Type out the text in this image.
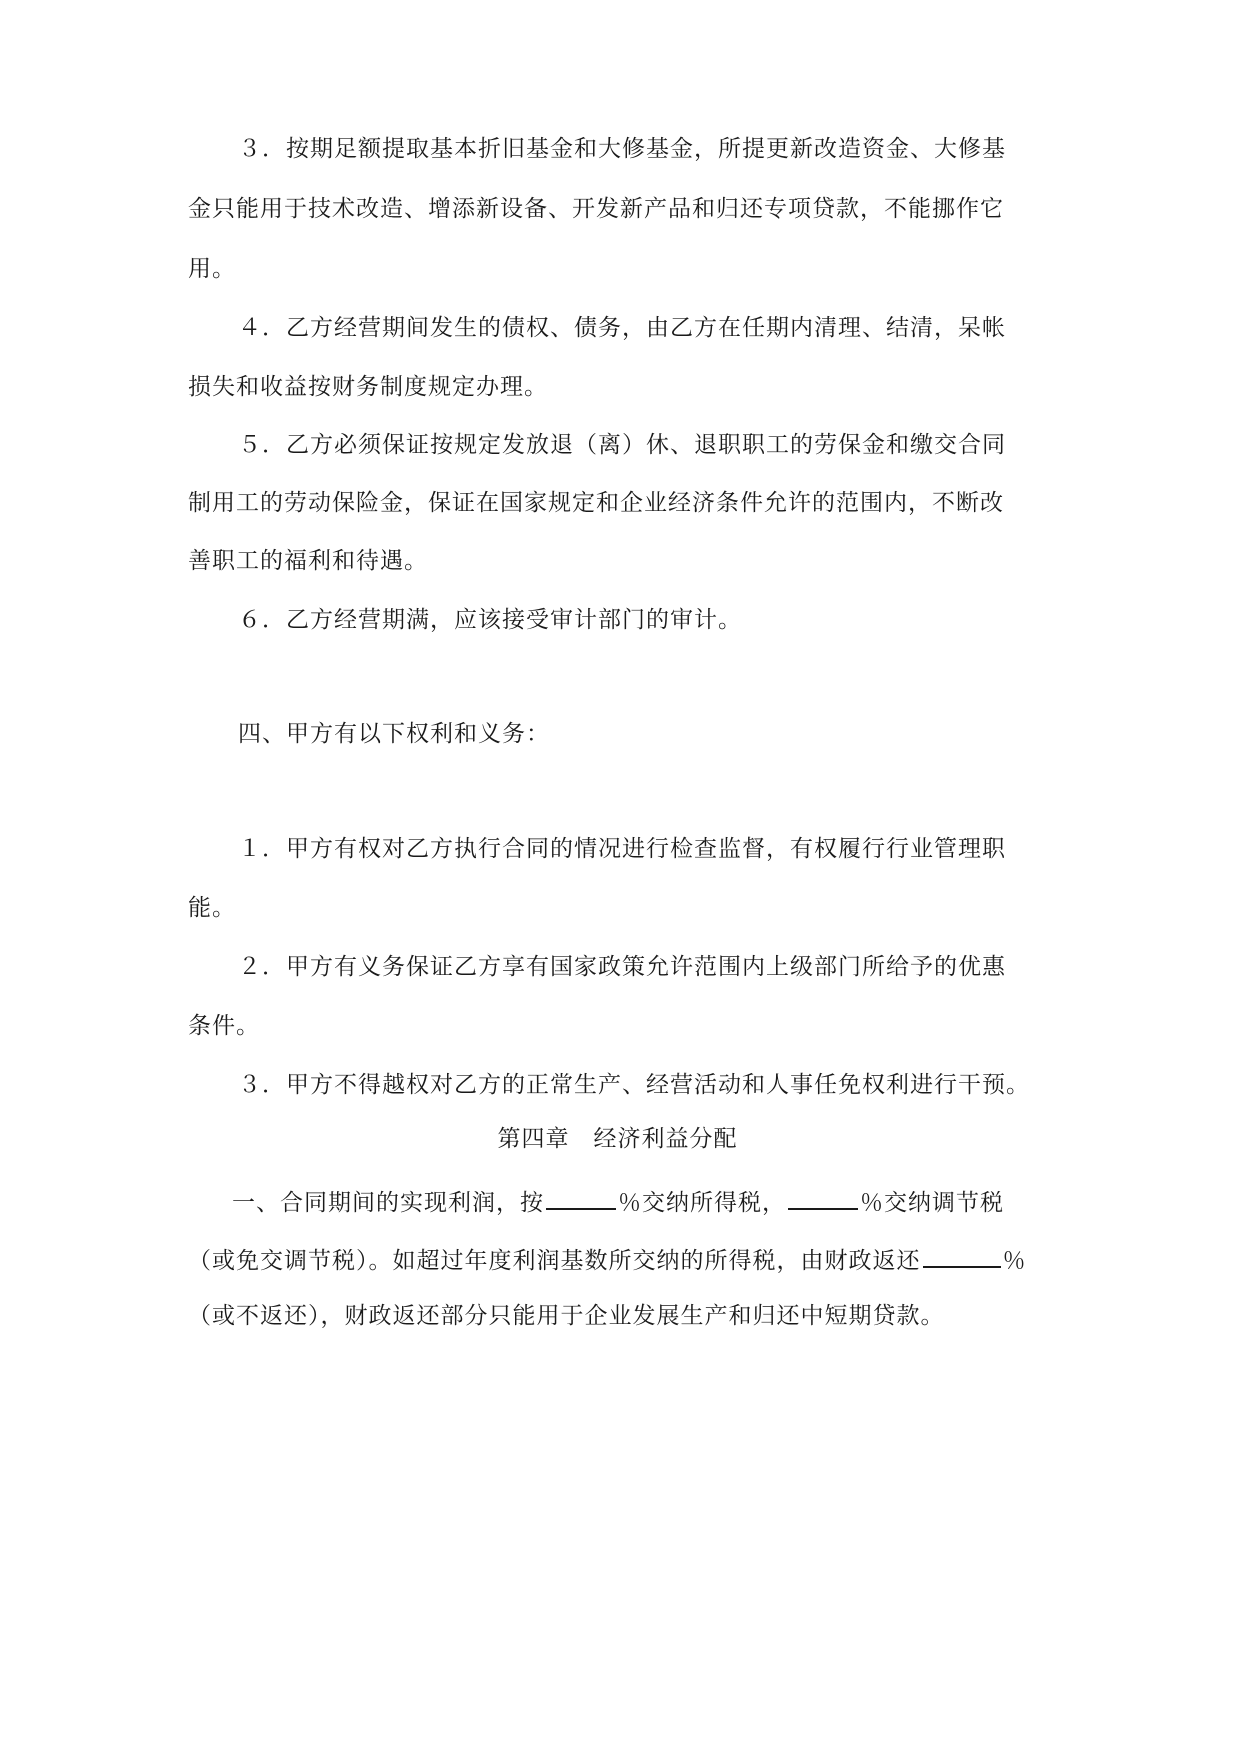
３．按期足额提取基本折旧基金和大修基金，所提更新改造资金、大修基
金只能用于技术改造、增添新设备、开发新产品和归还专项贷款，不能挪作它
用。
４．乙方经营期间发生的债权、债务，由乙方在任期内清理、结清，呆帐
损失和收益按财务制度规定办理。
５．乙方必须保证按规定发放退（离）休、退职职工的劳保金和缴交合同
制用工的劳动保险金，保证在国家规定和企业经济条件允许的范围内，不断改
善职工的福利和待遇。
６．乙方经营期满，应该接受审计部门的审计。
四、甲方有以下权利和义务：
１．甲方有权对乙方执行合同的情况进行检查监督，有权履行行业管理职
能。
２．甲方有义务保证乙方享有国家政策允许范围内上级部门所给予的优惠
条件。
３．甲方不得越权对乙方的正常生产、经营活动和人事任免权利进行干预。
第四章　经济利益分配
一、合同期间的实现利润，按	％交纳所得税，	％交纳调节税
（或免交调节税）。如超过年度利润基数所交纳的所得税，由财政返还	％
（或不返还），财政返还部分只能用于企业发展生产和归还中短期贷款。
